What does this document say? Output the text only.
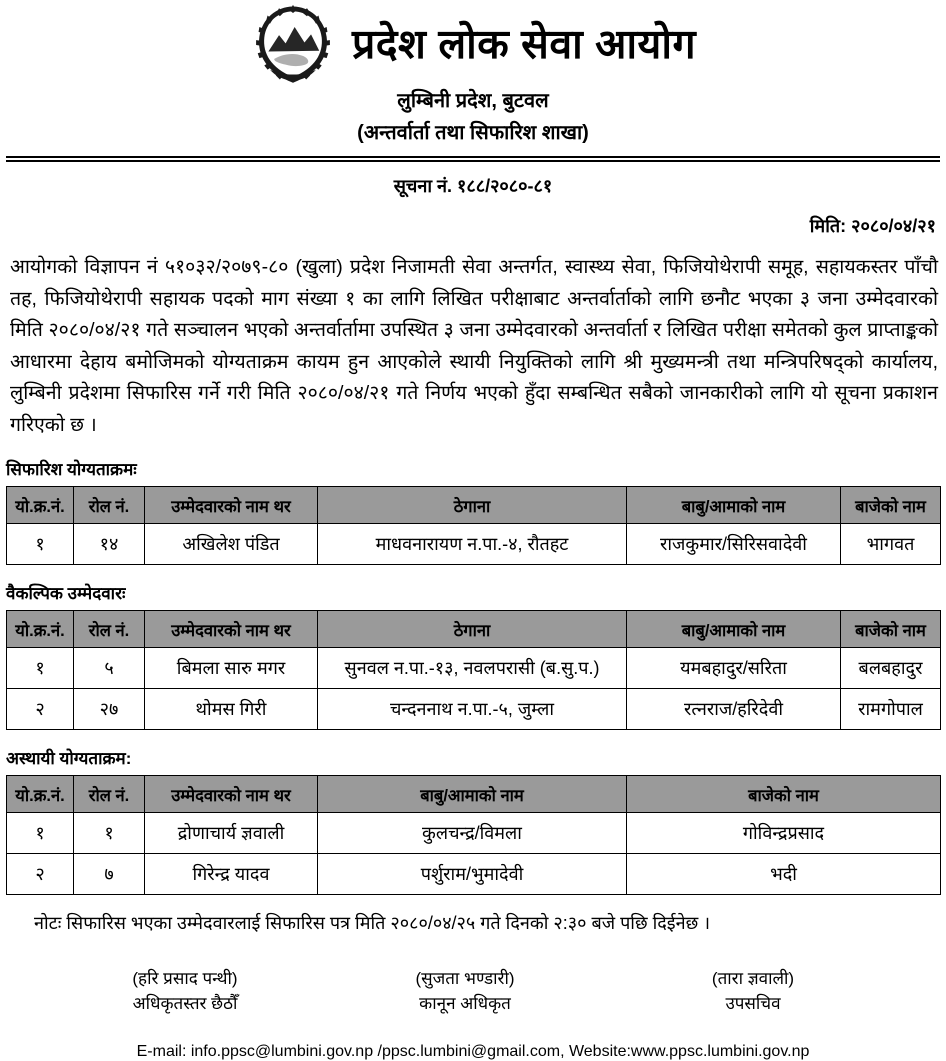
प्रदेश लोक सेवा आयोग
लुम्बिनी प्रदेश, बुटवल
(अन्तर्वार्ता तथा सिफारिश शाखा)
सूचना नं. १८८/२०८०-८१
मिति: २०८०/०४/२१
आयोगको विज्ञापन नं ५१०३२/२०७९-८० (खुला) प्रदेश निजामती सेवा अन्तर्गत, स्वास्थ्य सेवा, फिजियोथेरापी समूह, सहायकस्तर पाँचौ तह, फिजियोथेरापी सहायक पदको माग संख्या १ का लागि लिखित परीक्षाबाट अन्तर्वार्ताको लागि छनौट भएका ३ जना उम्मेदवारको मिति २०८०/०४/२१ गते सञ्चालन भएको अन्तर्वार्तामा उपस्थित ३ जना उम्मेदवारको अन्तर्वार्ता र लिखित परीक्षा समेतको कुल प्राप्ताङ्कको आधारमा देहाय बमोजिमको योग्यताक्रम कायम हुन आएकोले स्थायी नियुक्तिको लागि श्री मुख्यमन्त्री तथा मन्त्रिपरिषद्को कार्यालय, लुम्बिनी प्रदेशमा सिफारिस गर्ने गरी मिति २०८०/०४/२१ गते निर्णय भएको हुँदा सम्बन्धित सबैको जानकारीको लागि यो सूचना प्रकाशन गरिएको छ ।
सिफारिश योग्यताक्रमः
यो.क्र.नं.	रोल नं.	उम्मेदवारको नाम थर	ठेगाना	बाबु/आमाको नाम	बाजेको नाम
१	१४	अखिलेश पंडित	माधवनारायण न.पा.-४, रौतहट	राजकुमार/सिरिसवादेवी	भागवत
वैकल्पिक उम्मेदवारः
यो.क्र.नं.	रोल नं.	उम्मेदवारको नाम थर	ठेगाना	बाबु/आमाको नाम	बाजेको नाम
१	५	बिमला सारु मगर	सुनवल न.पा.-१३, नवलपरासी (ब.सु.प.)	यमबहादुर/सरिता	बलबहादुर
२	२७	थोमस गिरी	चन्दननाथ न.पा.-५, जुम्ला	रत्नराज/हरिदेवी	रामगोपाल
अस्थायी योग्यताक्रम:
यो.क्र.नं.	रोल नं.	उम्मेदवारको नाम थर	बाबु/आमाको नाम	बाजेको नाम
१	१	द्रोणाचार्य ज्ञवाली	कुलचन्द्र/विमला	गोविन्द्रप्रसाद
२	७	गिरेन्द्र यादव	पर्शुराम/भुमादेवी	भदी
नोटः सिफारिस भएका उम्मेदवारलाई सिफारिस पत्र मिति २०८०/०४/२५ गते दिनको २:३० बजे पछि दिईनेछ ।
(हरि प्रसाद पन्थी)
अधिकृतस्तर छैठौँ
(सुजता भण्डारी)
कानून अधिकृत
(तारा ज्ञवाली)
उपसचिव
E-mail: info.ppsc@lumbini.gov.np /ppsc.lumbini@gmail.com, Website:www.ppsc.lumbini.gov.np
